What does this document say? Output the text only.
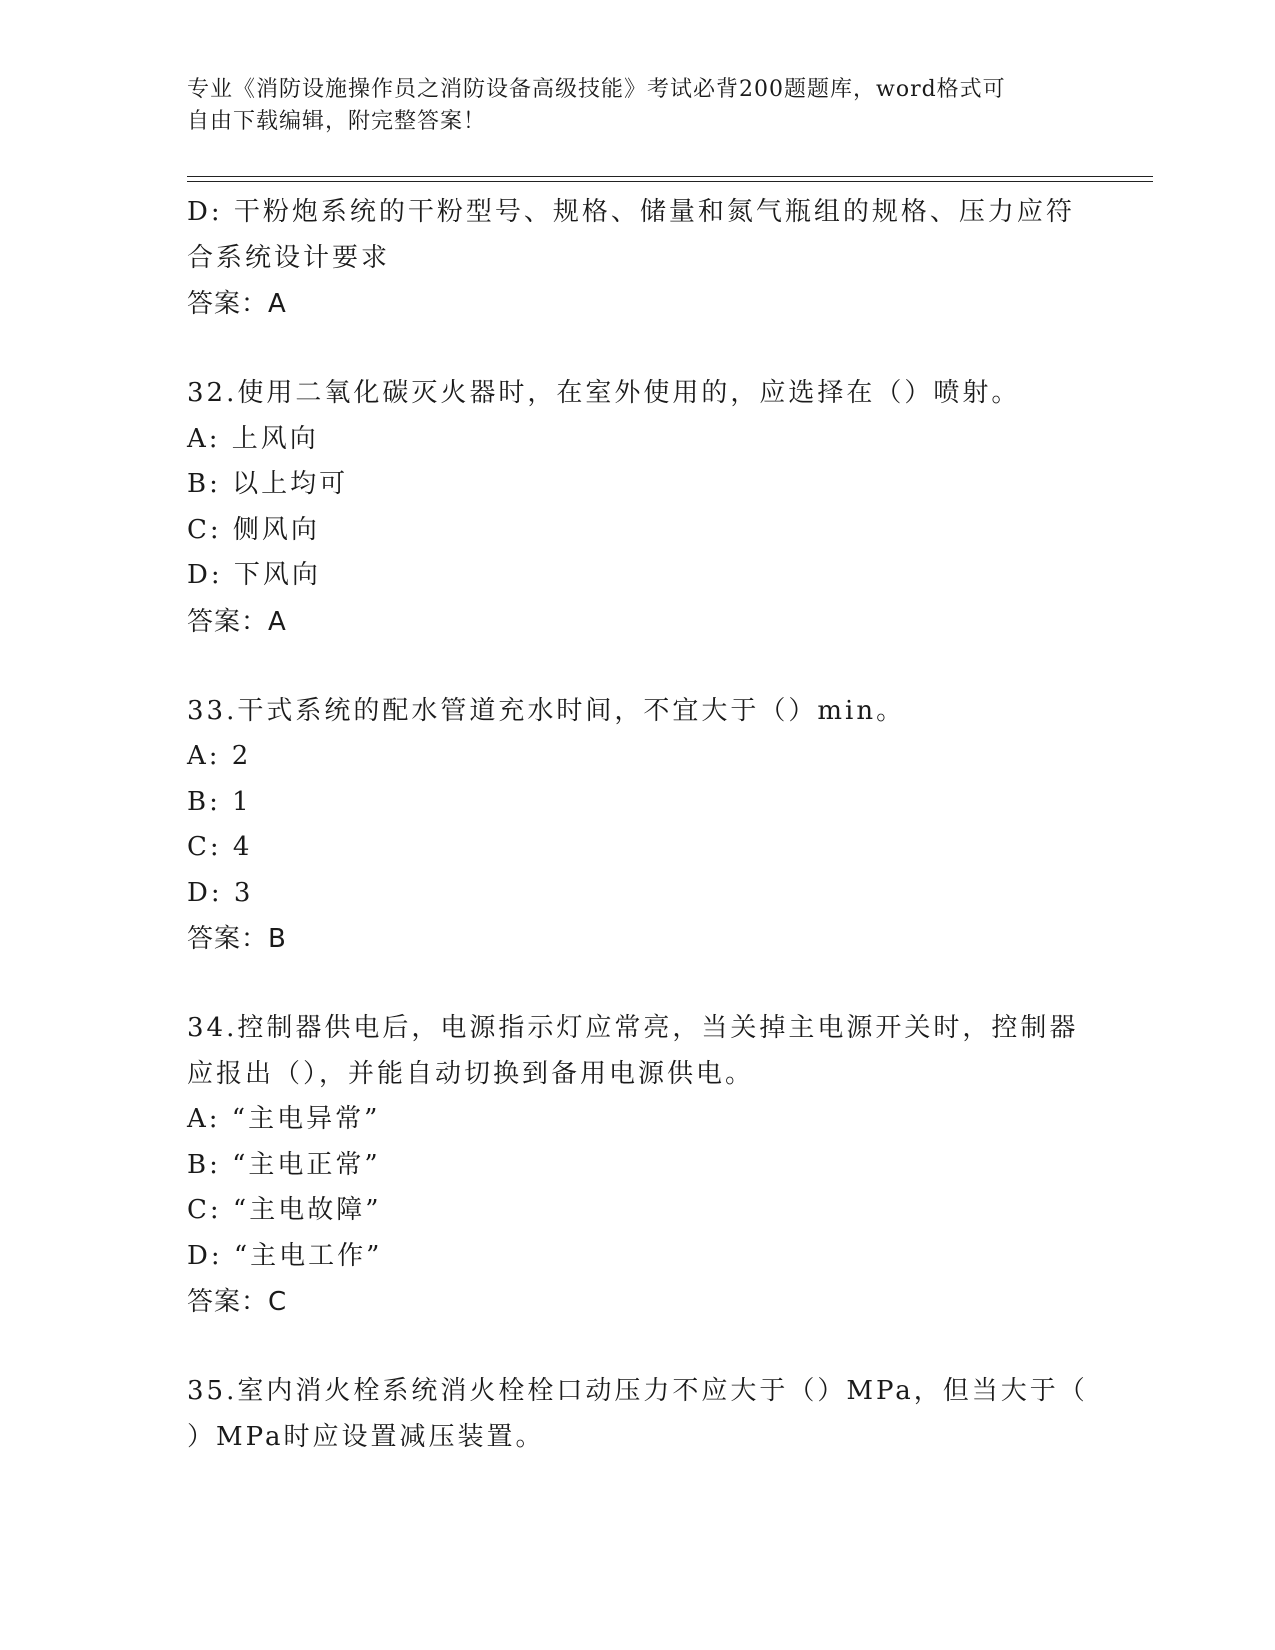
专业《消防设施操作员之消防设备高级技能》考试必背200题题库，word格式可
自由下载编辑，附完整答案！
D: 干粉炮系统的干粉型号、规格、储量和氮气瓶组的规格、压力应符
合系统设计要求
答案：A
32.使用二氧化碳灭火器时，在室外使用的，应选择在（）喷射。
A: 上风向
B: 以上均可
C: 侧风向
D: 下风向
答案：A
33.干式系统的配水管道充水时间，不宜大于（）min。
A: 2
B: 1
C: 4
D: 3
答案：B
34.控制器供电后，电源指示灯应常亮，当关掉主电源开关时，控制器
应报出（），并能自动切换到备用电源供电。
A: “主电异常”
B: “主电正常”
C: “主电故障”
D: “主电工作”
答案：C
35.室内消火栓系统消火栓栓口动压力不应大于（）MPa，但当大于（
）MPa时应设置减压装置。
